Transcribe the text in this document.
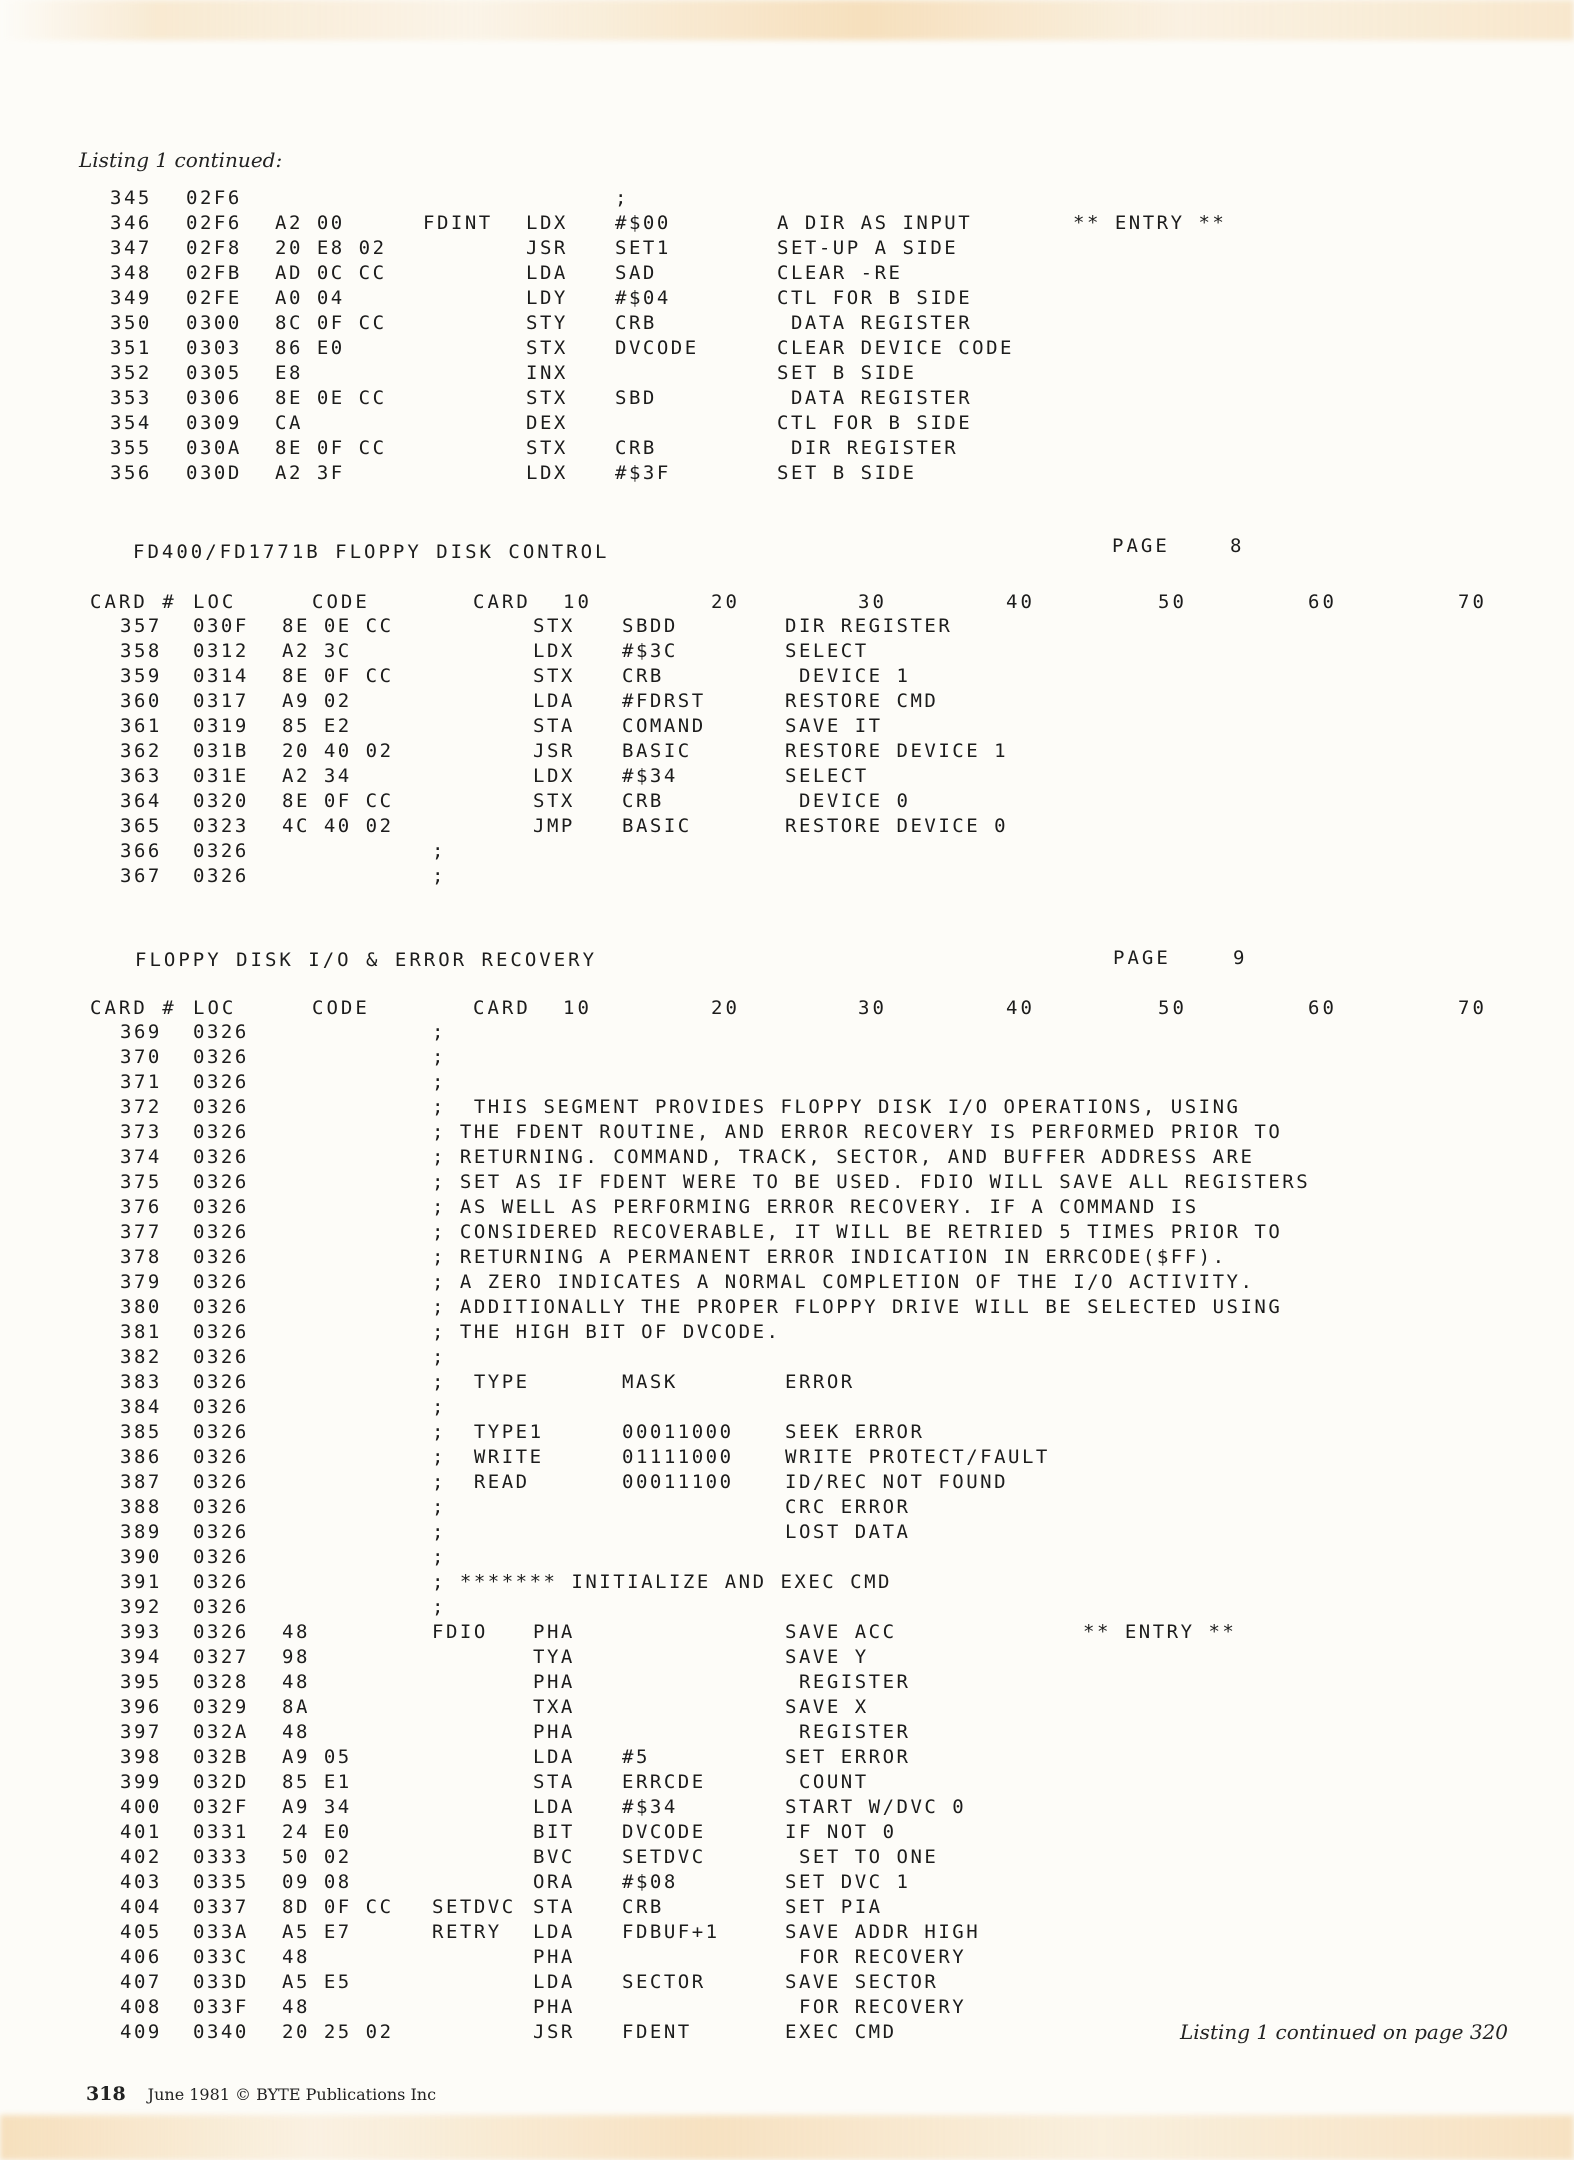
Listing 1 continued:
345 02F6	;
346 02F6 A2 00	FDINT LDX #$00	A DIR AS INPUT	** ENTRY **
347 02F8 20 E8 02	JSR SET1	SET-UP A SIDE
348 02FB AD 0C CC	LDA SAD	CLEAR -RE
349 02FE A0 04	LDY #$04	CTL FOR B SIDE
350 0300 8C 0F CC	STY CRB	DATA REGISTER
351 0303 86 E0	STX DVCODE	CLEAR DEVICE CODE
352 0305 E8	INX	SET B SIDE
353 0306 8E 0E CC	STX SBD	DATA REGISTER
354 0309 CA	DEX	CTL FOR B SIDE
355 030A 8E 0F CC	STX CRB	DIR REGISTER
356 030D A2 3F	LDX #$3F	SET B SIDE
FD400/FD1771B FLOPPY DISK CONTROL	PAGE	8
CARD # LOC	CODE	CARD 10	20	30	40	50	60	70
357 030F 8E 0E CC	STX SBDD	DIR REGISTER
358 0312 A2 3C	LDX #$3C	SELECT
359 0314 8E 0F CC	STX CRB	DEVICE 1
360 0317 A9 02	LDA #FDRST	RESTORE CMD
361 0319 85 E2	STA COMAND	SAVE IT
362 031B 20 40 02	JSR BASIC	RESTORE DEVICE 1
363 031E A2 34	LDX #$34	SELECT
364 0320 8E 0F CC	STX CRB	DEVICE 0
365 0323 4C 40 02	JMP BASIC	RESTORE DEVICE 0
366 0326	;
367 0326	;
FLOPPY DISK I/O & ERROR RECOVERY	PAGE	9
CARD # LOC	CODE	CARD 10	20	30	40	50	60	70
369 0326	;
370 0326	;
371 0326	;
372 0326	;  THIS SEGMENT PROVIDES FLOPPY DISK I/O OPERATIONS, USING
373 0326	; THE FDENT ROUTINE, AND ERROR RECOVERY IS PERFORMED PRIOR TO
374 0326	; RETURNING. COMMAND, TRACK, SECTOR, AND BUFFER ADDRESS ARE
375 0326	; SET AS IF FDENT WERE TO BE USED. FDIO WILL SAVE ALL REGISTERS
376 0326	; AS WELL AS PERFORMING ERROR RECOVERY. IF A COMMAND IS
377 0326	; CONSIDERED RECOVERABLE, IT WILL BE RETRIED 5 TIMES PRIOR TO
378 0326	; RETURNING A PERMANENT ERROR INDICATION IN ERRCODE($FF).
379 0326	; A ZERO INDICATES A NORMAL COMPLETION OF THE I/O ACTIVITY.
380 0326	; ADDITIONALLY THE PROPER FLOPPY DRIVE WILL BE SELECTED USING
381 0326	; THE HIGH BIT OF DVCODE.
382 0326	;
383 0326	;  TYPE	MASK	ERROR
384 0326	;
385 0326	;  TYPE1	00011000	SEEK ERROR
386 0326	;  WRITE	01111000	WRITE PROTECT/FAULT
387 0326	;  READ	00011100	ID/REC NOT FOUND
388 0326	;	CRC ERROR
389 0326	;	LOST DATA
390 0326	;
391 0326	; ******* INITIALIZE AND EXEC CMD
392 0326	;
393 0326 48	FDIO PHA	SAVE ACC	** ENTRY **
394 0327 98	TYA	SAVE Y
395 0328 48	PHA	REGISTER
396 0329 8A	TXA	SAVE X
397 032A 48	PHA	REGISTER
398 032B A9 05	LDA #5	SET ERROR
399 032D 85 E1	STA ERRCDE	COUNT
400 032F A9 34	LDA #$34	START W/DVC 0
401 0331 24 E0	BIT DVCODE	IF NOT 0
402 0333 50 02	BVC SETDVC	SET TO ONE
403 0335 09 08	ORA #$08	SET DVC 1
404 0337 8D 0F CC SETDVC STA CRB	SET PIA
405 033A A5 E7	RETRY LDA FDBUF+1	SAVE ADDR HIGH
406 033C 48	PHA	FOR RECOVERY
407 033D A5 E5	LDA SECTOR	SAVE SECTOR
408 033F 48	PHA	FOR RECOVERY
409 0340 20 25 02	JSR FDENT	EXEC CMD	Listing 1 continued on page 320
318 June 1981 © BYTE Publications Inc
